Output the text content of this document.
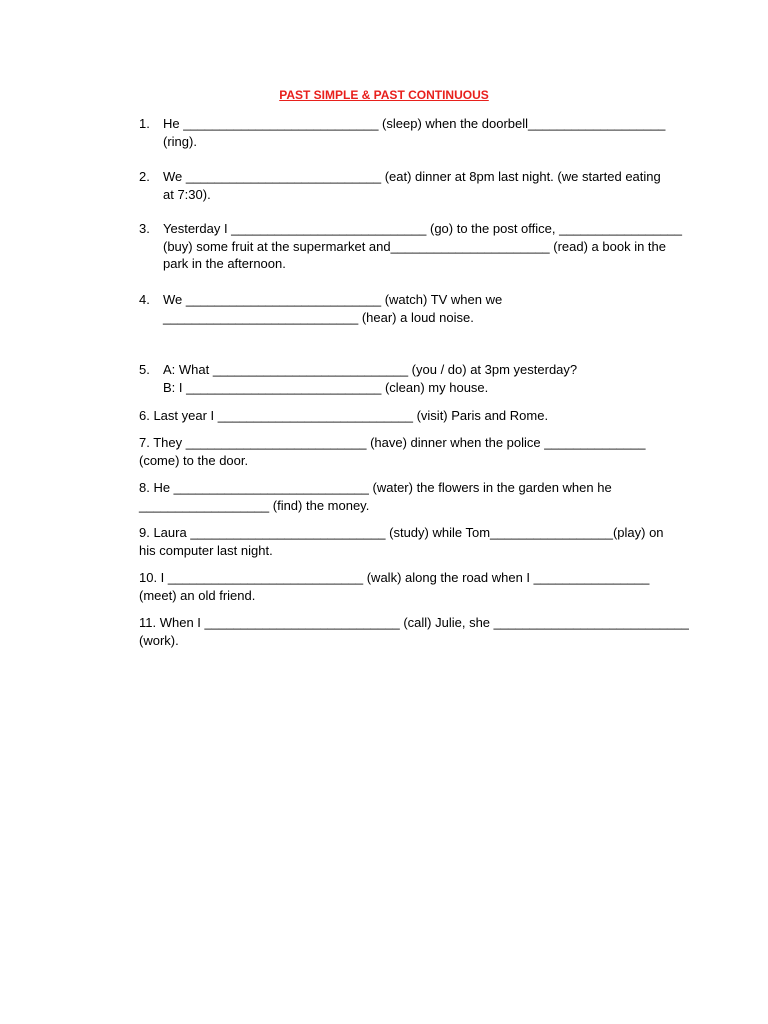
PAST SIMPLE & PAST CONTINUOUS
1.	He ___________________________ (sleep) when the doorbell___________________
(ring).
2.	We ___________________________ (eat) dinner at 8pm last night. (we started eating
at 7:30).
3.	Yesterday I ___________________________ (go) to the post office, _________________
(buy) some fruit at the supermarket and______________________ (read) a book in the
park in the afternoon.
4.	We ___________________________ (watch) TV when we
___________________________ (hear) a loud noise.
5.	A: What ___________________________ (you / do) at 3pm yesterday?
B: I ___________________________ (clean) my house.
6. Last year I ___________________________ (visit) Paris and Rome.
7. They _________________________ (have) dinner when the police ______________
(come) to the door.
8. He ___________________________ (water) the flowers in the garden when he
__________________ (find) the money.
9. Laura ___________________________ (study) while Tom_________________(play) on
his computer last night.
10. I ___________________________ (walk) along the road when I ________________
(meet) an old friend.
11. When I ___________________________ (call) Julie, she ___________________________
(work).
